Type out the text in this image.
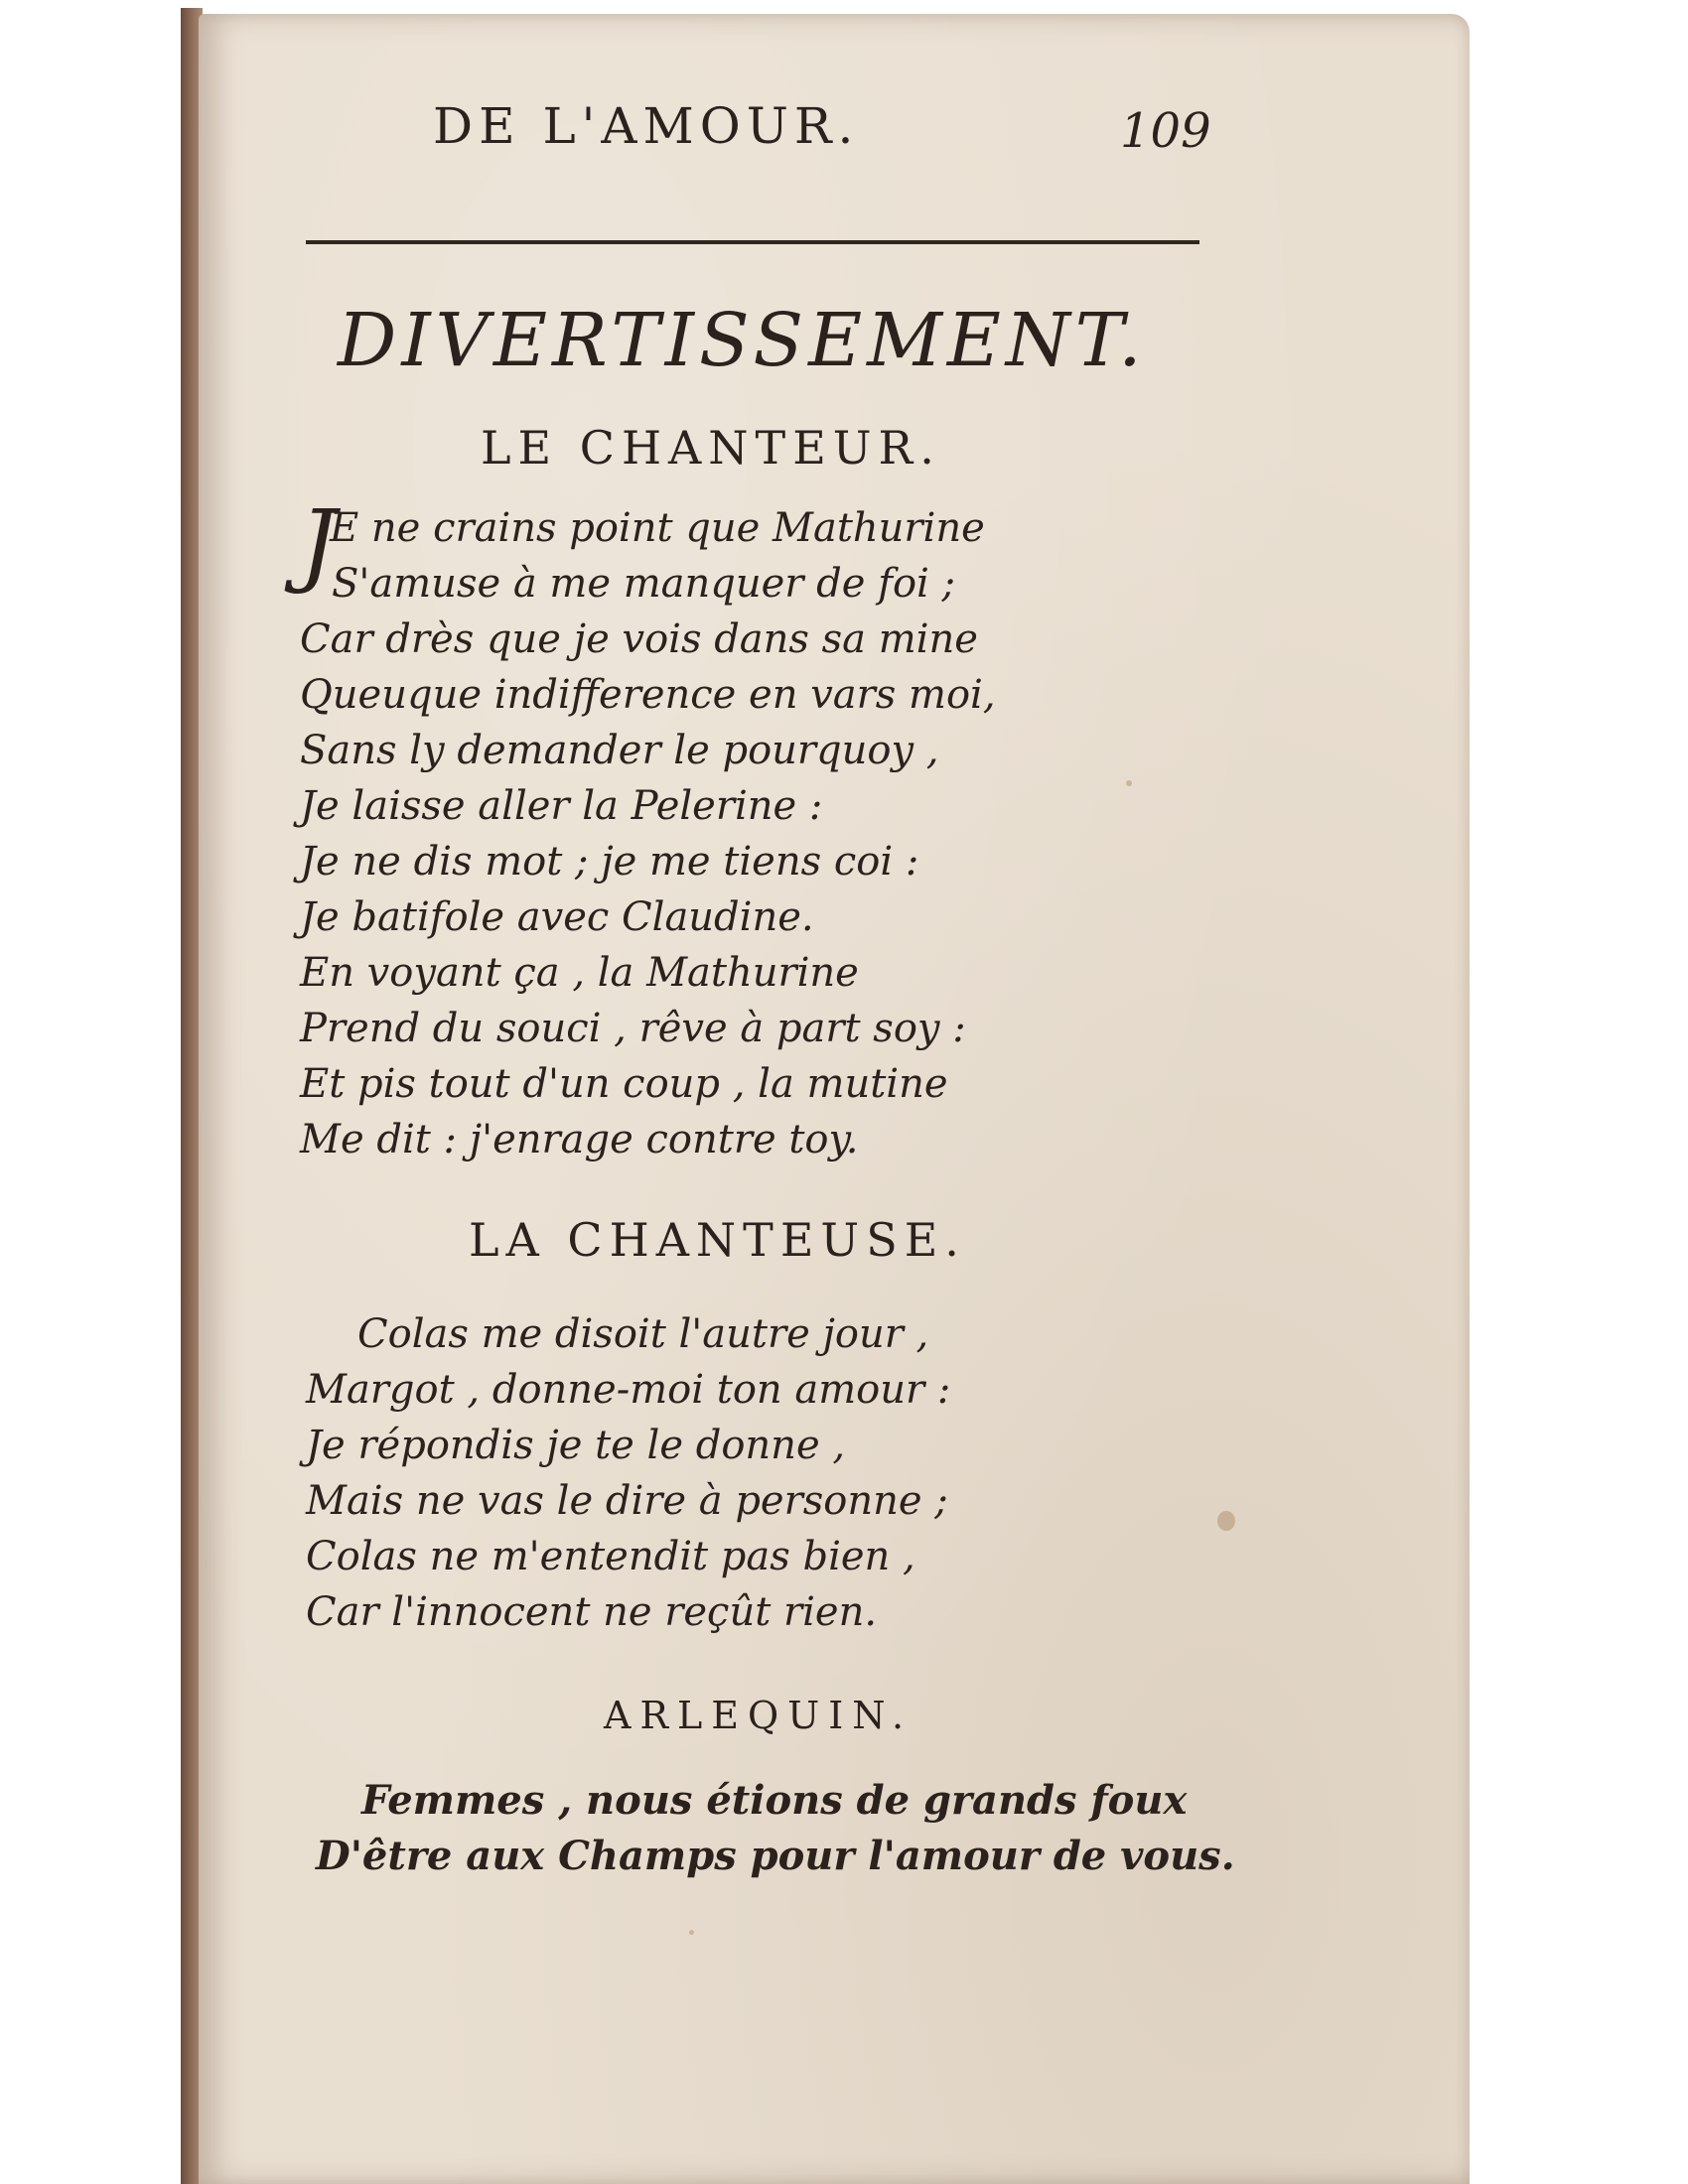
DE L'AMOUR.	109
DIVERTISSEMENT.
LE CHANTEUR.
J
E ne crains point que Mathurine
S'amuse à me manquer de foi ;
Car drès que je vois dans sa mine
Queuque indifference en vars moi,
Sans ly demander le pourquoy ,
Je laisse aller la Pelerine :
Je ne dis mot ; je me tiens coi :
Je batifole avec Claudine.
En voyant ça , la Mathurine
Prend du souci , rêve à part soy :
Et pis tout d'un coup , la mutine
Me dit : j'enrage contre toy.
LA CHANTEUSE.
Colas me disoit l'autre jour ,
Margot , donne-moi ton amour :
Je répondis je te le donne ,
Mais ne vas le dire à personne ;
Colas ne m'entendit pas bien ,
Car l'innocent ne reçût rien.
ARLEQUIN.
Femmes , nous étions de grands foux
D'être aux Champs pour l'amour de vous.
